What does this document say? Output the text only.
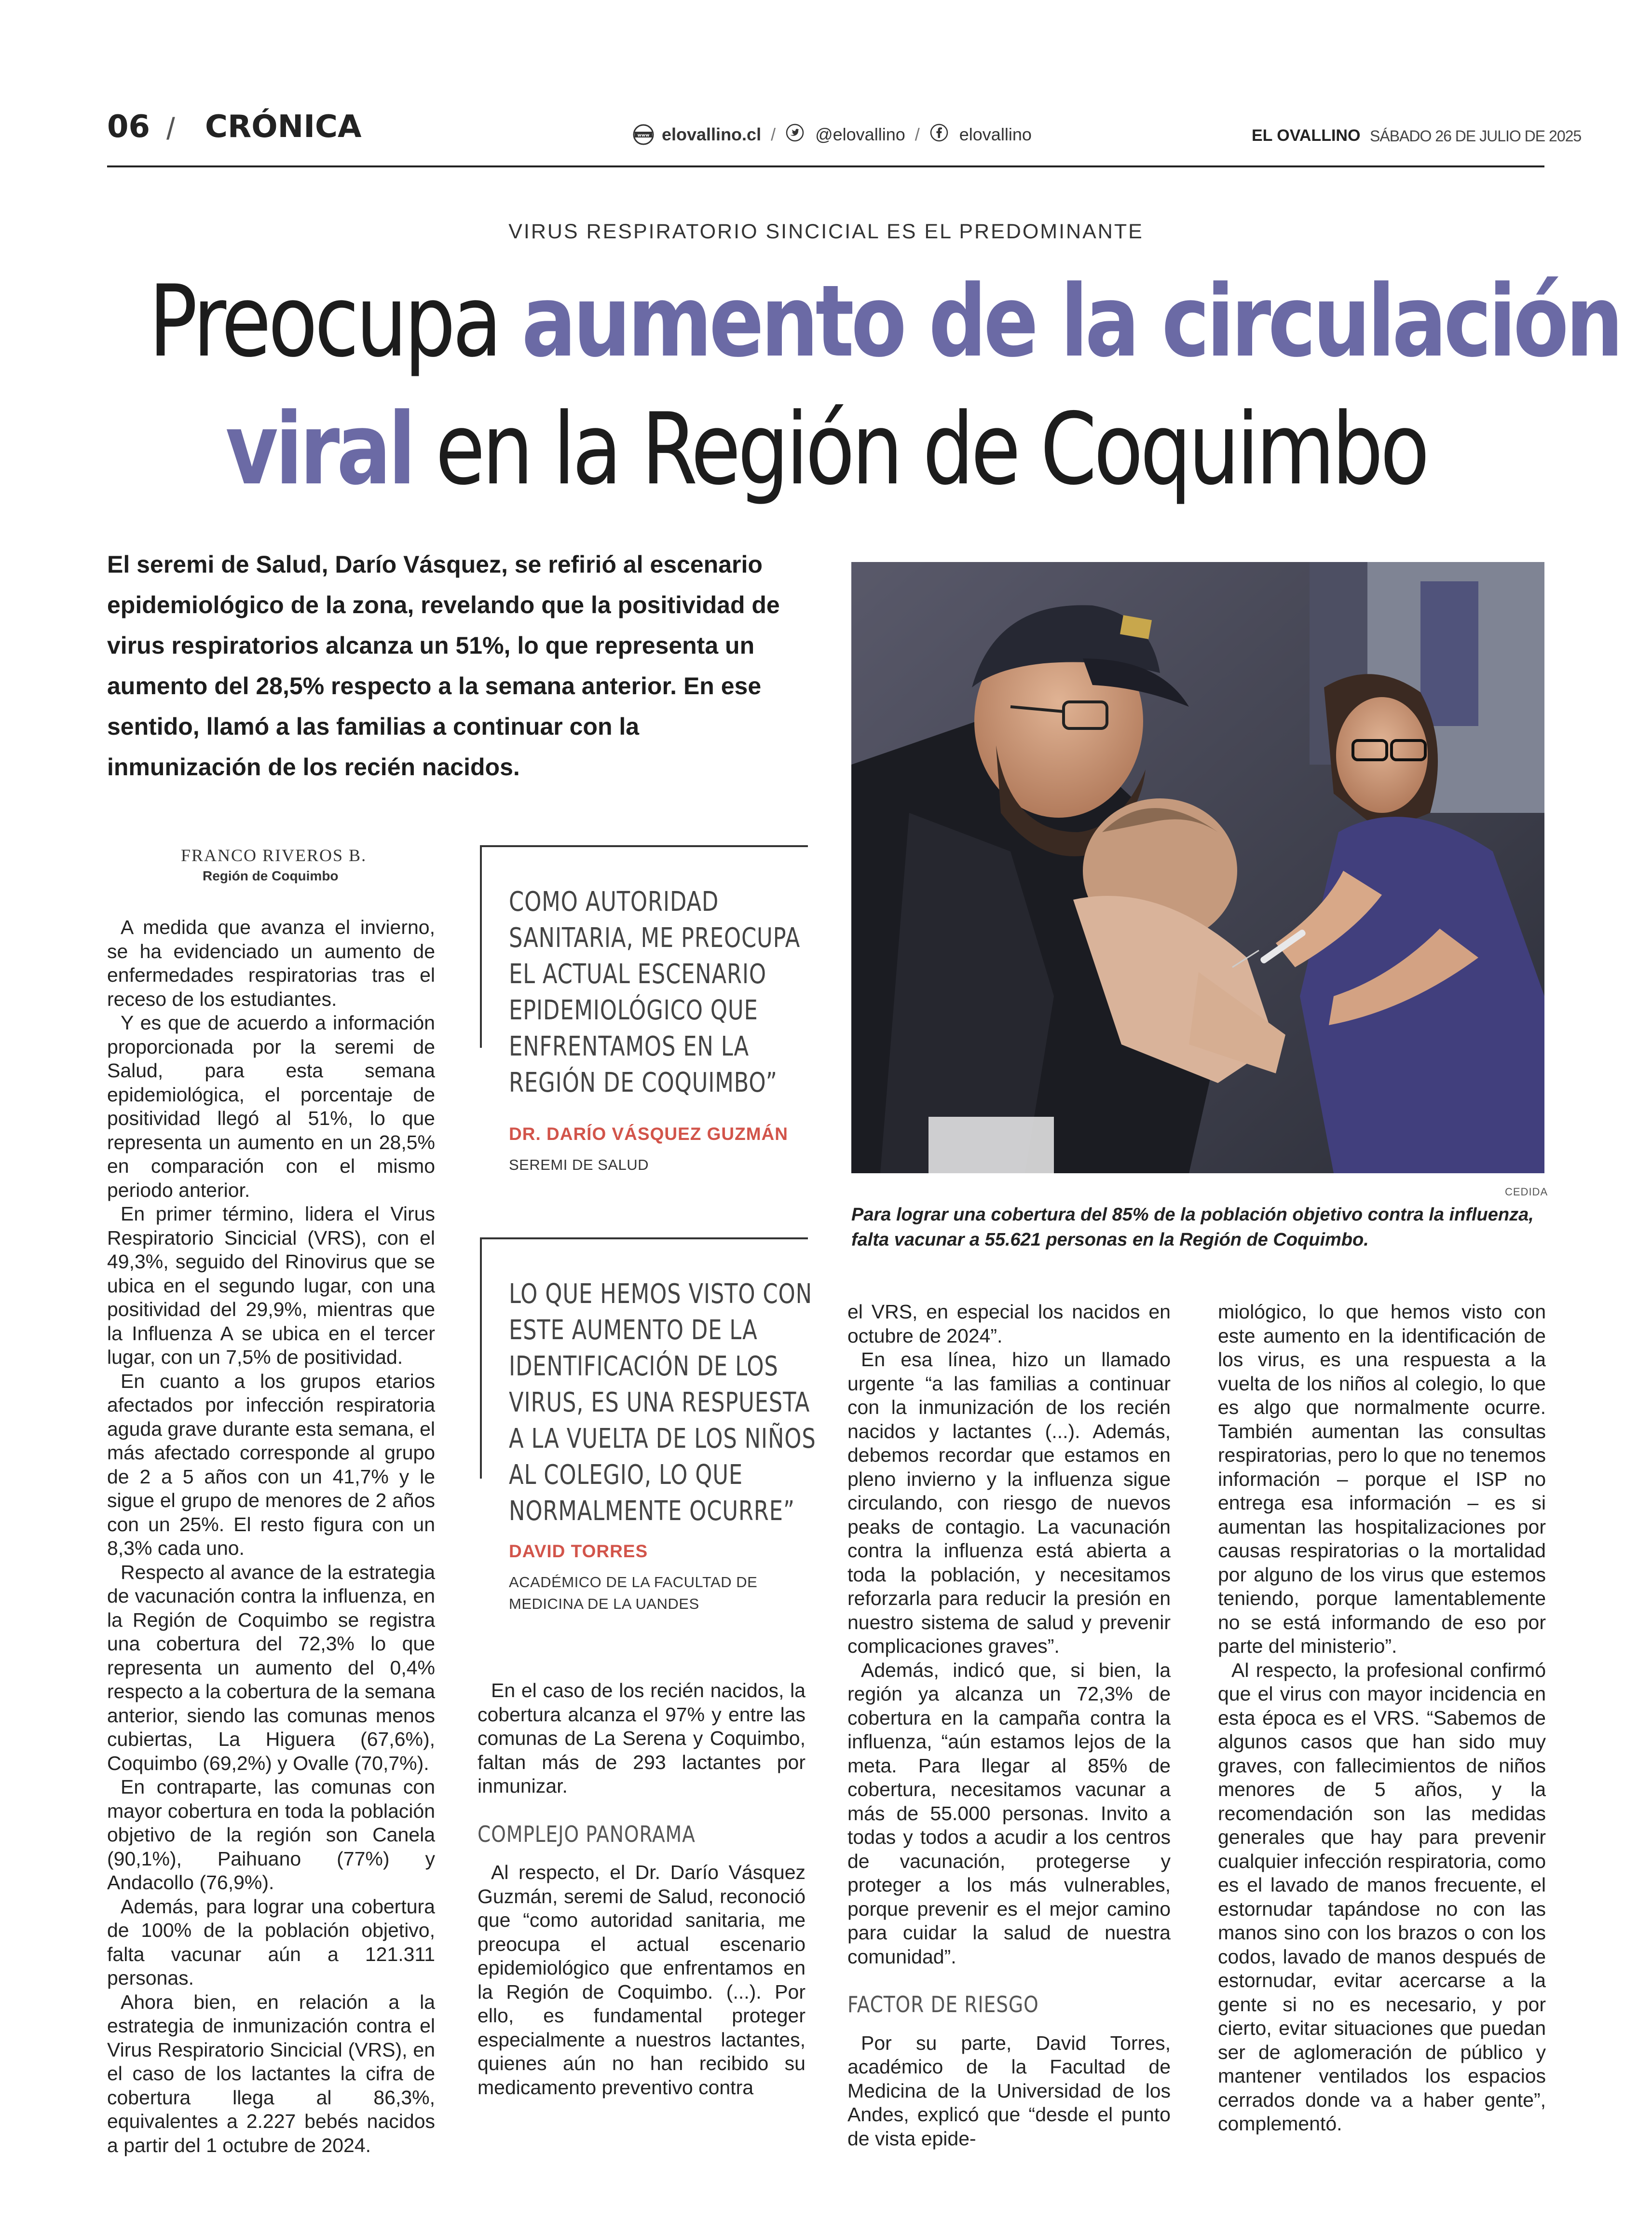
06 / CRÓNICA	www elovallino.cl / @elovallino / elovallino	EL OVALLINO SÁBADO 26 DE JULIO DE 2025
VIRUS RESPIRATORIO SINCICIAL ES EL PREDOMINANTE
Preocupa aumento de la circulación
viral en la Región de Coquimbo
El seremi de Salud, Darío Vásquez, se refirió al escenario epidemiológico de la zona, revelando que la positividad de virus respiratorios alcanza un 51%, lo que representa un aumento del 28,5% respecto a la semana anterior. En ese sentido, llamó a las familias a continuar con la inmunización de los recién nacidos.
CEDIDA
Para lograr una cobertura del 85% de la población objetivo contra la influenza, falta vacunar a 55.621 personas en la Región de Coquimbo.
FRANCO RIVEROS B.
Región de Coquimbo

A medida que avanza el invierno, se ha evidenciado un aumento de enfermedades respiratorias tras el receso de los estudiantes.

Y es que de acuerdo a información proporcionada por la seremi de Salud, para esta semana epidemiológica, el porcentaje de positividad llegó al 51%, lo que representa un aumento en un 28,5% en comparación con el mismo periodo anterior.

En primer término, lidera el Virus Respiratorio Sincicial (VRS), con el 49,3%, seguido del Rinovirus que se ubica en el segundo lugar, con una positividad del 29,9%, mientras que la Influenza A se ubica en el tercer lugar, con un 7,5% de positividad.

En cuanto a los grupos etarios afectados por infección respiratoria aguda grave durante esta semana, el más afectado corresponde al grupo de 2 a 5 años con un 41,7% y le sigue el grupo de menores de 2 años con un 25%. El resto figura con un 8,3% cada uno.

Respecto al avance de la estrategia de vacunación contra la influenza, en la Región de Coquimbo se registra una cobertura del 72,3% lo que representa un aumento del 0,4% respecto a la cobertura de la semana anterior, siendo las comunas menos cubiertas, La Higuera (67,6%), Coquimbo (69,2%) y Ovalle (70,7%).

En contraparte, las comunas con mayor cobertura en toda la población objetivo de la región son Canela (90,1%), Paihuano (77%) y Andacollo (76,9%).

Además, para lograr una cobertura de 100% de la población objetivo, falta vacunar aún a 121.311 personas.

Ahora bien, en relación a la estrategia de inmunización contra el Virus Respiratorio Sincicial (VRS), en el caso de los lactantes la cifra de cobertura llega al 86,3%, equivalentes a 2.227 bebés nacidos a partir del 1 octubre de 2024.

COMO AUTORIDAD SANITARIA, ME PREOCUPA EL ACTUAL ESCENARIO EPIDEMIOLÓGICO QUE ENFRENTAMOS EN LA REGIÓN DE COQUIMBO”
DR. DARÍO VÁSQUEZ GUZMÁN
SEREMI DE SALUD
LO QUE HEMOS VISTO CON ESTE AUMENTO DE LA IDENTIFICACIÓN DE LOS VIRUS, ES UNA RESPUESTA A LA VUELTA DE LOS NIÑOS AL COLEGIO, LO QUE NORMALMENTE OCURRE”
DAVID TORRES
ACADÉMICO DE LA FACULTAD DE MEDICINA DE LA UANDES

En el caso de los recién nacidos, la cobertura alcanza el 97% y entre las comunas de La Serena y Coquimbo, faltan más de 293 lactantes por inmunizar.

COMPLEJO PANORAMA

Al respecto, el Dr. Darío Vásquez Guzmán, seremi de Salud, reconoció que “como autoridad sanitaria, me preocupa el actual escenario epidemiológico que enfrentamos en la Región de Coquimbo. (...). Por ello, es fundamental proteger especialmente a nuestros lactantes, quienes aún no han recibido su medicamento preventivo contra

el VRS, en especial los nacidos en octubre de 2024”.

En esa línea, hizo un llamado urgente “a las familias a continuar con la inmunización de los recién nacidos y lactantes (...). Además, debemos recordar que estamos en pleno invierno y la influenza sigue circulando, con riesgo de nuevos peaks de contagio. La vacunación contra la influenza está abierta a toda la población, y necesitamos reforzarla para reducir la presión en nuestro sistema de salud y prevenir complicaciones graves”.

Además, indicó que, si bien, la región ya alcanza un 72,3% de cobertura en la campaña contra la influenza, “aún estamos lejos de la meta. Para llegar al 85% de cobertura, necesitamos vacunar a más de 55.000 personas. Invito a todas y todos a acudir a los centros de vacunación, protegerse y proteger a los más vulnerables, porque prevenir es el mejor camino para cuidar la salud de nuestra comunidad”.

FACTOR DE RIESGO

Por su parte, David Torres, académico de la Facultad de Medicina de la Universidad de los Andes, explicó que “desde el punto de vista epide-

miológico, lo que hemos visto con este aumento en la identificación de los virus, es una respuesta a la vuelta de los niños al colegio, lo que es algo que normalmente ocurre. También aumentan las consultas respiratorias, pero lo que no tenemos información – porque el ISP no entrega esa información – es si aumentan las hospitalizaciones por causas respiratorias o la mortalidad por alguno de los virus que estemos teniendo, porque lamentablemente no se está informando de eso por parte del ministerio”.

Al respecto, la profesional confirmó que el virus con mayor incidencia en esta época es el VRS. “Sabemos de algunos casos que han sido muy graves, con fallecimientos de niños menores de 5 años, y la recomendación son las medidas generales que hay para prevenir cualquier infección respiratoria, como es el lavado de manos frecuente, el estornudar tapándose no con las manos sino con los brazos o con los codos, lavado de manos después de estornudar, evitar acercarse a la gente si no es necesario, y por cierto, evitar situaciones que puedan ser de aglomeración de público y mantener ventilados los espacios cerrados donde va a haber gente”, complementó.
